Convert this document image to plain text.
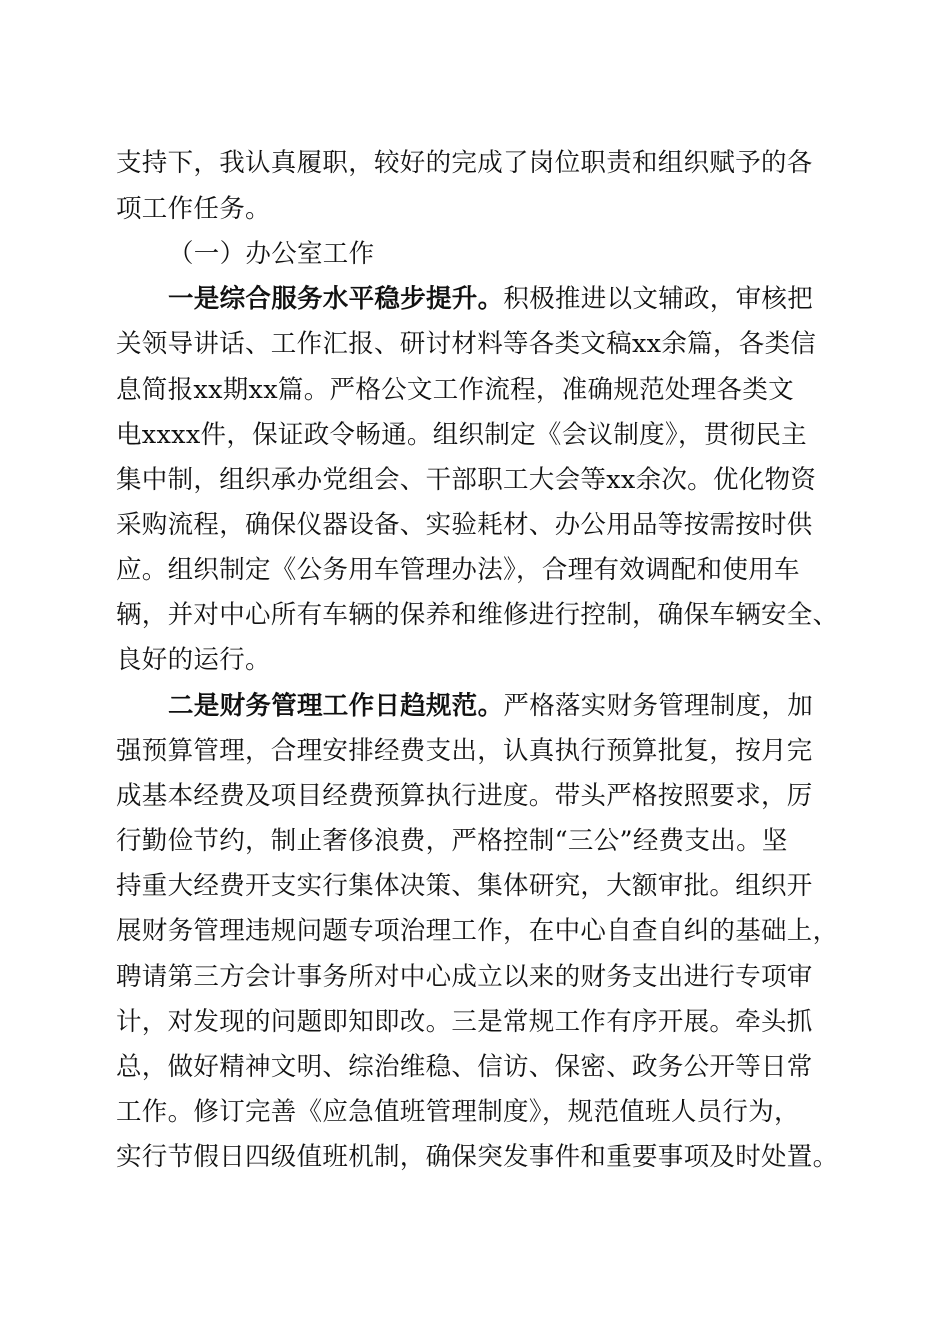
支持下，我认真履职，较好的完成了岗位职责和组织赋予的各

项工作任务。

（一）办公室工作

一是综合服务水平稳步提升。积极推进以文辅政，审核把

关领导讲话、工作汇报、研讨材料等各类文稿xx余篇，各类信

息简报xx期xx篇。严格公文工作流程，准确规范处理各类文

电xxxx件，保证政令畅通。组织制定《会议制度》，贯彻民主

集中制，组织承办党组会、干部职工大会等xx余次。优化物资

采购流程，确保仪器设备、实验耗材、办公用品等按需按时供

应。组织制定《公务用车管理办法》，合理有效调配和使用车

辆，并对中心所有车辆的保养和维修进行控制，确保车辆安全、

良好的运行。

二是财务管理工作日趋规范。严格落实财务管理制度，加

强预算管理，合理安排经费支出，认真执行预算批复，按月完

成基本经费及项目经费预算执行进度。带头严格按照要求，厉

行勤俭节约，制止奢侈浪费，严格控制“三公”经费支出。坚

持重大经费开支实行集体决策、集体研究，大额审批。组织开

展财务管理违规问题专项治理工作，在中心自查自纠的基础上，

聘请第三方会计事务所对中心成立以来的财务支出进行专项审

计，对发现的问题即知即改。三是常规工作有序开展。牵头抓

总，做好精神文明、综治维稳、信访、保密、政务公开等日常

工作。修订完善《应急值班管理制度》，规范值班人员行为，

实行节假日四级值班机制，确保突发事件和重要事项及时处置。
